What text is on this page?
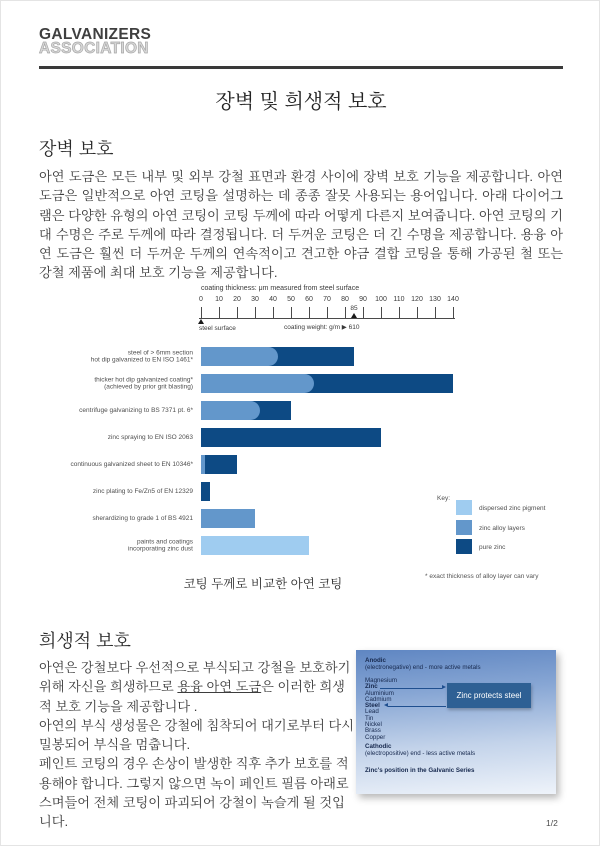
GALVANIZERS
ASSOCIATION
장벽 및 희생적 보호
장벽 보호

아연 도금은 모든 내부 및 외부 강철 표면과 환경 사이에 장벽 보호 기능을 제공합니다. 아연 도금은 일반적으로 아연 코팅을 설명하는 데 종종 잘못 사용되는 용어입니다. 아래 다이어그램은 다양한 유형의 아연 코팅이 코팅 두께에 따라 어떻게 다른지 보여줍니다. 아연 코팅의 기대 수명은 주로 두께에 따라 결정됩니다. 더 두꺼운 코팅은 더 긴 수명을 제공합니다. 용융 아연 도금은 훨씬 더 두꺼운 두께의 연속적이고 견고한 야금 결합 코팅을 통해 가공된 철 또는 강철 제품에 최대 보호 기능을 제공합니다.

coating thickness: μm measured from steel surface
steel surface	coating weight: g/m ▶ 610
85
0	10	20	30	40	50	60	70	80	90	100 110 120 130 140
steel of > 6mm section
hot dip galvanized to EN ISO 1461*
thicker hot dip galvanized coating*
(achieved by prior grit blasting)
centrifuge galvanizing to BS 7371 pt. 6*
zinc spraying to EN ISO 2063
continuous galvanized sheet to EN 10346*
zinc plating to Fe/Zn5 of EN 12329
sherardizing to grade 1 of BS 4921
paints and coatings
incorporating zinc dust
Key:
dispersed zinc pigment
zinc alloy layers
pure zinc
* exact thickness of alloy layer can vary
코팅 두께로 비교한 아연 코팅
희생적 보호

아연은 강철보다 우선적으로 부식되고 강철을 보호하기 위해 자신을 희생하므로 용융 아연 도금은 이러한 희생적 보호 기능을 제공합니다 .

아연의 부식 생성물은 강철에 침착되어 대기로부터 다시 밀봉되어 부식을 멈춥니다.

페인트 코팅의 경우 손상이 발생한 직후 추가 보호를 적용해야 합니다. 그렇지 않으면 녹이 페인트 필름 아래로 스며들어 전체 코팅이 파괴되어 강철이 녹슬게 될 것입니다.

Anodic
(electronegative) end - more active metals
Magnesium
Zinc
Aluminium
Cadmium
Steel
Lead
Tin
Nickel
Brass
Copper
Zinc protects steel
Cathodic
(electropositive) end - less active metals
Zinc's position in the Galvanic Series
1/2
